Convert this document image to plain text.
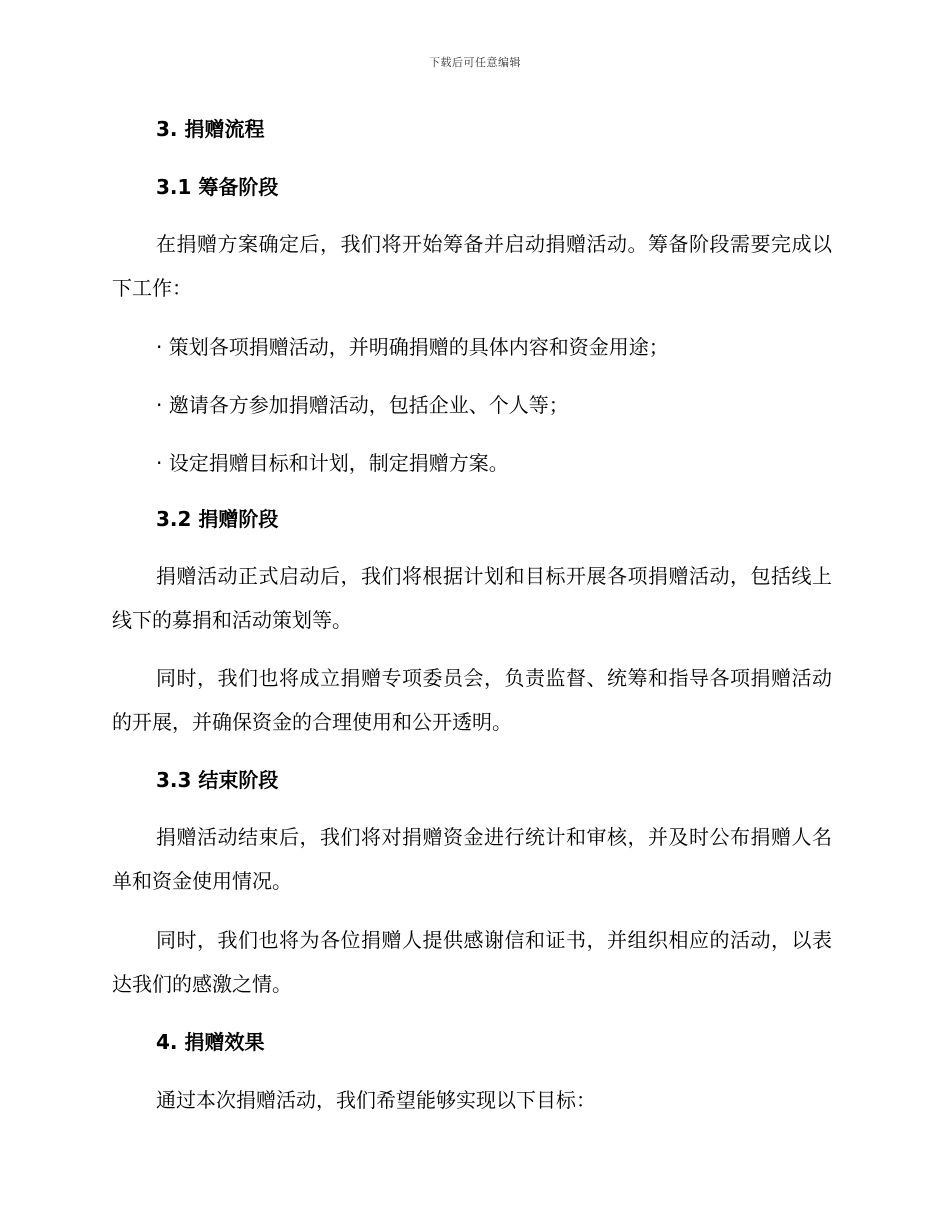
下载后可任意编辑
3. 捐赠流程
3.1 筹备阶段
在捐赠方案确定后，我们将开始筹备并启动捐赠活动。筹备阶段需要完成以下工作：
· 策划各项捐赠活动，并明确捐赠的具体内容和资金用途；
· 邀请各方参加捐赠活动，包括企业、个人等；
· 设定捐赠目标和计划，制定捐赠方案。
3.2 捐赠阶段
捐赠活动正式启动后，我们将根据计划和目标开展各项捐赠活动，包括线上线下的募捐和活动策划等。
同时，我们也将成立捐赠专项委员会，负责监督、统筹和指导各项捐赠活动的开展，并确保资金的合理使用和公开透明。
3.3 结束阶段
捐赠活动结束后，我们将对捐赠资金进行统计和审核，并及时公布捐赠人名单和资金使用情况。
同时，我们也将为各位捐赠人提供感谢信和证书，并组织相应的活动，以表达我们的感激之情。
4. 捐赠效果
通过本次捐赠活动，我们希望能够实现以下目标：
